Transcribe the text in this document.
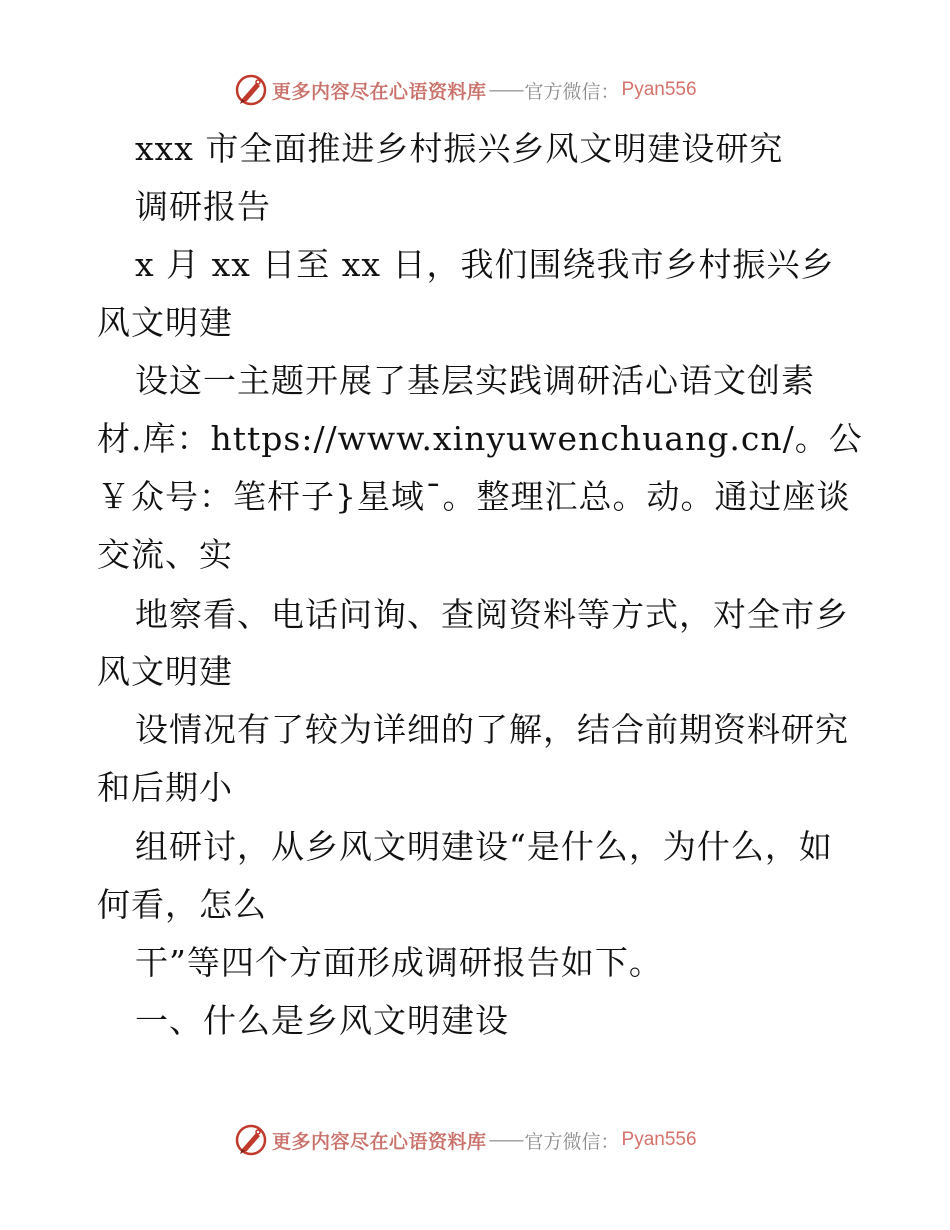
更多内容尽在心语资料库 —— 官方微信： Pyan556
xxx 市全面推进乡村振兴乡风文明建设研究
调研报告
x 月 xx 日至 xx 日，我们围绕我市乡村振兴乡
风文明建
设这一主题开展了基层实践调研活心语文创素
材.库：https://www.xinyuwenchuang.cn/。公
￥众号：笔杆子}星域¯。整理汇总。动。通过座谈
交流、实
地察看、电话问询、查阅资料等方式，对全市乡
风文明建
设情况有了较为详细的了解，结合前期资料研究
和后期小
组研讨，从乡风文明建设“是什么，为什么，如
何看，怎么
干”等四个方面形成调研报告如下。
一、什么是乡风文明建设
更多内容尽在心语资料库 —— 官方微信： Pyan556
